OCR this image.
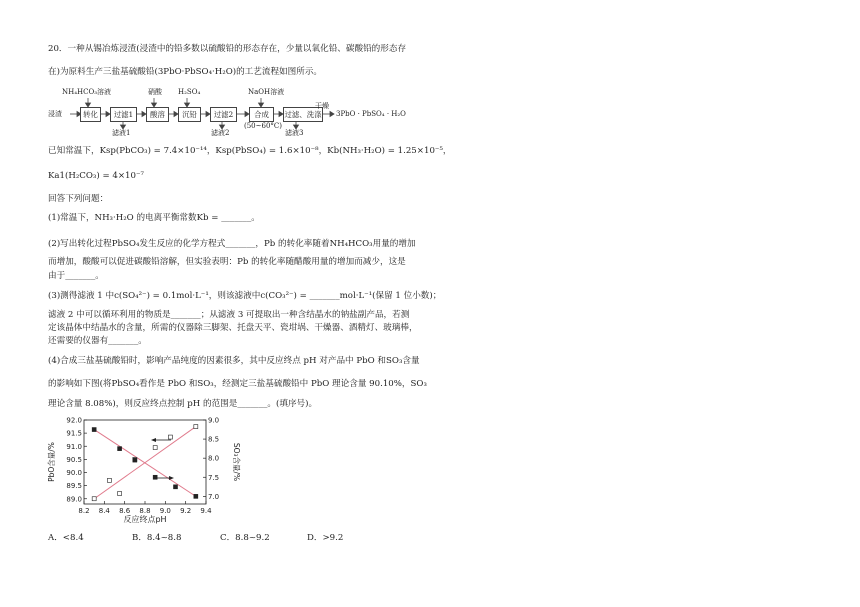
20．一种从锡冶炼浸渣(浸渣中的铅多数以硫酸铅的形态存在，少量以氧化铅、碳酸铅的形态存
在)为原料生产三盐基硫酸铅(3PbO·PbSO₄·H₂O)的工艺流程如图所示。
浸渣
NH₄HCO₃溶液	硝酸 H₂SO₄	NaOH溶液
转化	过滤1	酸溶	沉铅	过滤2	合成	过滤、洗涤
(50~60°C)
滤液1	滤液2	滤液3
干燥
3PbO · PbSO₄ · H₂O
已知常温下，Ksp(PbCO₃) = 7.4×10⁻¹⁴，Ksp(PbSO₄) = 1.6×10⁻⁸，Kb(NH₃·H₂O) = 1.25×10⁻⁵，
Ka1(H₂CO₃) = 4×10⁻⁷
回答下列问题：
(1)常温下，NH₃·H₂O 的电离平衡常数Kb = _______。
(2)写出转化过程PbSO₄发生反应的化学方程式_______，Pb 的转化率随着NH₄HCO₃用量的增加
而增加，酸酸可以促进碳酸铅溶解，但实验表明：Pb 的转化率随醋酸用量的增加而减少，这是
由于_______。
(3)测得滤液 1 中c(SO₄²⁻) = 0.1mol·L⁻¹，则该滤液中c(CO₃²⁻) = _______mol·L⁻¹(保留 1 位小数)；
滤液 2 中可以循环利用的物质是_______；从滤液 3 可提取出一种含结晶水的钠盐副产品，若测
定该晶体中结晶水的含量，所需的仪器除三脚架、托盘天平、瓷坩埚、干燥器、酒精灯、玻璃棒，
还需要的仪器有_______。
(4)合成三盐基硫酸铅时，影响产品纯度的因素很多，其中反应终点 pH 对产品中 PbO 和SO₃含量
的影响如下图(将PbSO₄看作是 PbO 和SO₃，经测定三盐基硫酸铅中 PbO 理论含量 90.10%，SO₃
理论含量 8.08%)，则反应终点控制 pH 的范围是_______。(填序号)。
8.2 8.4 8.6 8.8 9.0 9.2 9.4
89.0
89.5
90.0
90.5
91.0
91.5
92.0
7.0
7.5
8.0
8.5
9.0
反应终点pH
PbO含量/%	SO₃含量/%
A．<8.4	B．8.4~8.8	C．8.8~9.2	D．>9.2
